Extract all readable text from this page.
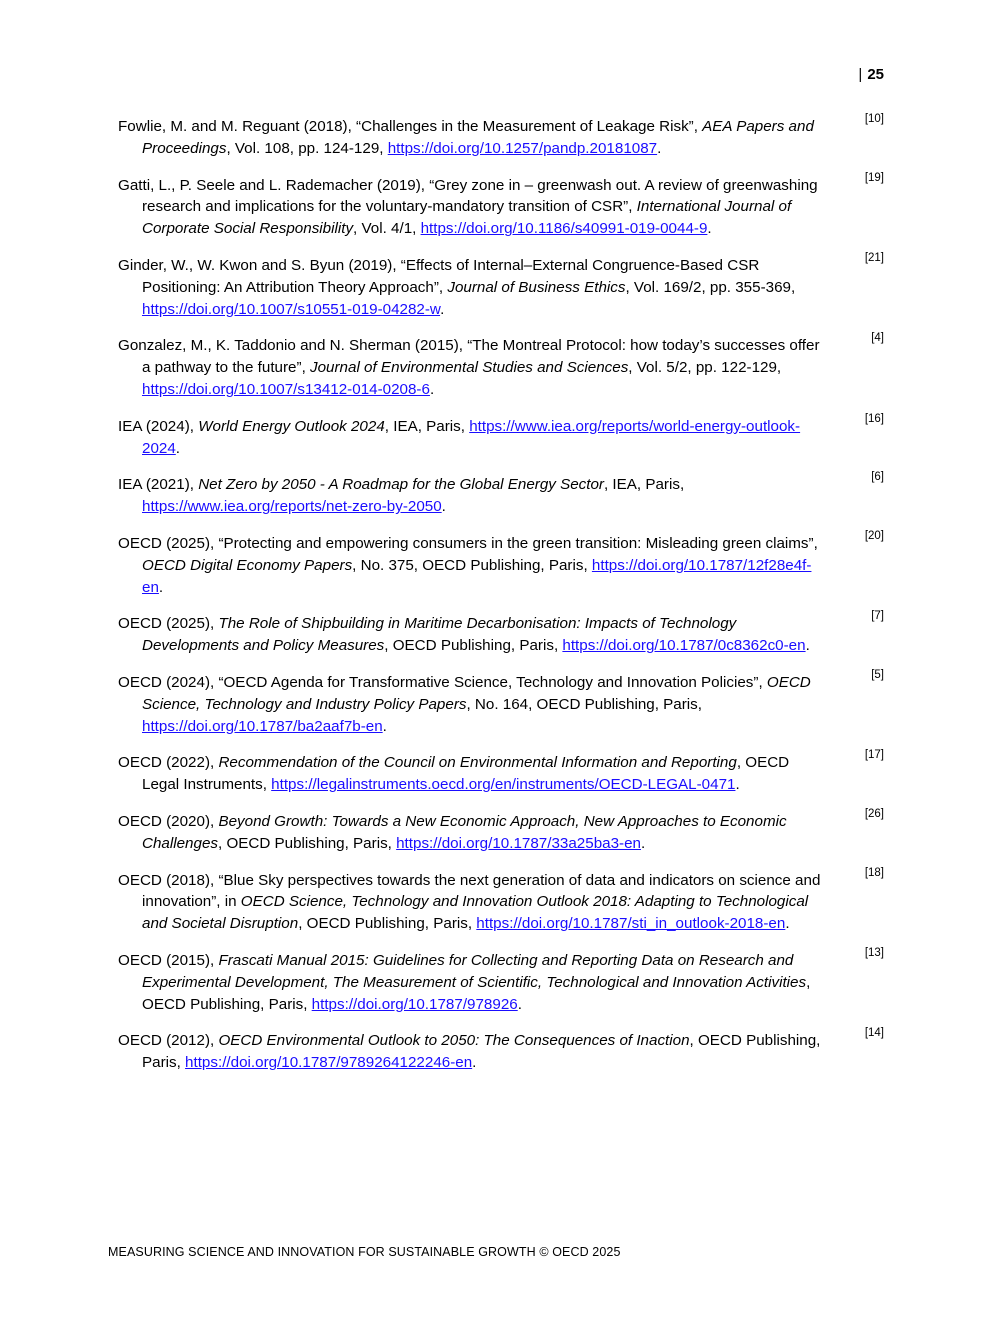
| 25
Fowlie, M. and M. Reguant (2018), “Challenges in the Measurement of Leakage Risk”, AEA Papers and Proceedings, Vol. 108, pp. 124-129, https://doi.org/10.1257/pandp.20181087.
[10]
Gatti, L., P. Seele and L. Rademacher (2019), “Grey zone in – greenwash out. A review of greenwashing research and implications for the voluntary-mandatory transition of CSR”, International Journal of Corporate Social Responsibility, Vol. 4/1, https://doi.org/10.1186/s40991-019-0044-9.
[19]
Ginder, W., W. Kwon and S. Byun (2019), “Effects of Internal–External Congruence-Based CSR Positioning: An Attribution Theory Approach”, Journal of Business Ethics, Vol. 169/2, pp. 355-369, https://doi.org/10.1007/s10551-019-04282-w.
[21]
Gonzalez, M., K. Taddonio and N. Sherman (2015), “The Montreal Protocol: how today’s successes offer a pathway to the future”, Journal of Environmental Studies and Sciences, Vol. 5/2, pp. 122-129, https://doi.org/10.1007/s13412-014-0208-6.
[4]
IEA (2024), World Energy Outlook 2024, IEA, Paris, https://www.iea.org/reports/world-energy-outlook-2024.
[16]
IEA (2021), Net Zero by 2050 - A Roadmap for the Global Energy Sector, IEA, Paris, https://www.iea.org/reports/net-zero-by-2050.
[6]
OECD (2025), “Protecting and empowering consumers in the green transition: Misleading green claims”, OECD Digital Economy Papers, No. 375, OECD Publishing, Paris, https://doi.org/10.1787/12f28e4f-en.
[20]
OECD (2025), The Role of Shipbuilding in Maritime Decarbonisation: Impacts of Technology Developments and Policy Measures, OECD Publishing, Paris, https://doi.org/10.1787/0c8362c0-en.
[7]
OECD (2024), “OECD Agenda for Transformative Science, Technology and Innovation Policies”, OECD Science, Technology and Industry Policy Papers, No. 164, OECD Publishing, Paris, https://doi.org/10.1787/ba2aaf7b-en.
[5]
OECD (2022), Recommendation of the Council on Environmental Information and Reporting, OECD Legal Instruments, https://legalinstruments.oecd.org/en/instruments/OECD-LEGAL-0471.
[17]
OECD (2020), Beyond Growth: Towards a New Economic Approach, New Approaches to Economic Challenges, OECD Publishing, Paris, https://doi.org/10.1787/33a25ba3-en.
[26]
OECD (2018), “Blue Sky perspectives towards the next generation of data and indicators on science and innovation”, in OECD Science, Technology and Innovation Outlook 2018: Adapting to Technological and Societal Disruption, OECD Publishing, Paris, https://doi.org/10.1787/sti_in_outlook-2018-en.
[18]
OECD (2015), Frascati Manual 2015: Guidelines for Collecting and Reporting Data on Research and Experimental Development, The Measurement of Scientific, Technological and Innovation Activities, OECD Publishing, Paris, https://doi.org/10.1787/978926.
[13]
OECD (2012), OECD Environmental Outlook to 2050: The Consequences of Inaction, OECD Publishing, Paris, https://doi.org/10.1787/9789264122246-en.
[14]
MEASURING SCIENCE AND INNOVATION FOR SUSTAINABLE GROWTH © OECD 2025
